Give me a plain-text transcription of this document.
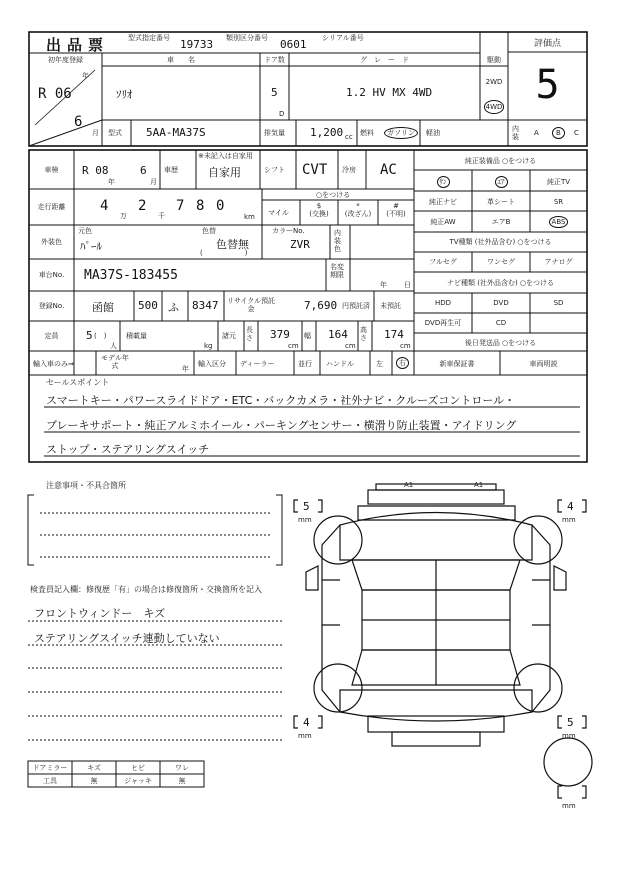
出品票	型式指定番号 19733 類別区分番号 0601 シリアル番号
評価点
5
初年度登録
年
R 06
6
月
車　　名
ｿﾘｵ
ドア数
5
D
グ　レ　ー　ド
1.2 HV MX 4WD
駆動
2WD
4WD
型式 5AA-MA37S	排気量 1,200 cc 燃料	ガソリン	軽油	内装	A	B	C
車検	R 08
年
6
月
車歴
※未記入は自家用
自家用	シフト CVT 冷房 AC
走行距離	4
万
2
千
7 8 0
km
○をつける
マイル
$
(交換)
*
(改ざん)
#
(不明)
外装色
元色
ﾊﾟｰﾙ
色替
色替無
(　　　　　　)
カラーNo.
ZVR
内装色
車台No.	MA37S-183455
名変期限
年 日
登録No.	函館 500 ふ 8347 リサイクル預託金	7,690 円預託済 未預託
定員	5 (　)
人
積載量
kg
諸元
長さ 379
cm
幅 164
cm
高さ 174
cm
輸入車のみ⇒
モデル年式	年
輸入区分 ディーラー	並行 ハンドル	左	右
純正装備品 ○をつける
ｻﾝ	ｴｱ	純正TV
純正ナビ	革シート	SR
純正AW	エアB	ABS
TV種類 (社外品含む) ○をつける
フルセグ	ワンセグ	アナログ
ナビ種類 (社外品含む) ○をつける
HDD	DVD	SD
DVD再生可	CD
後日発送品 ○をつける
新車保証書	車両明説
セールスポイント
スマートキー・パワースライドドア・ETC・バックカメラ・社外ナビ・クルーズコントロール・
ブレーキサポート・純正アルミホイール・パーキングセンサー・横滑り防止装置・アイドリング
ストップ・ステアリングスイッチ
注意事項・不具合箇所
検査員記入欄：修復歴「有」の場合は修復箇所・交換箇所を記入
フロントウィンドー　キズ
ステアリングスイッチ連動していない
ドアミラー	キズ	ヒビ	ワレ
工具	無	ジャッキ	無
A1	A1
5
mm
4
mm
4
mm
5
mm
mm
